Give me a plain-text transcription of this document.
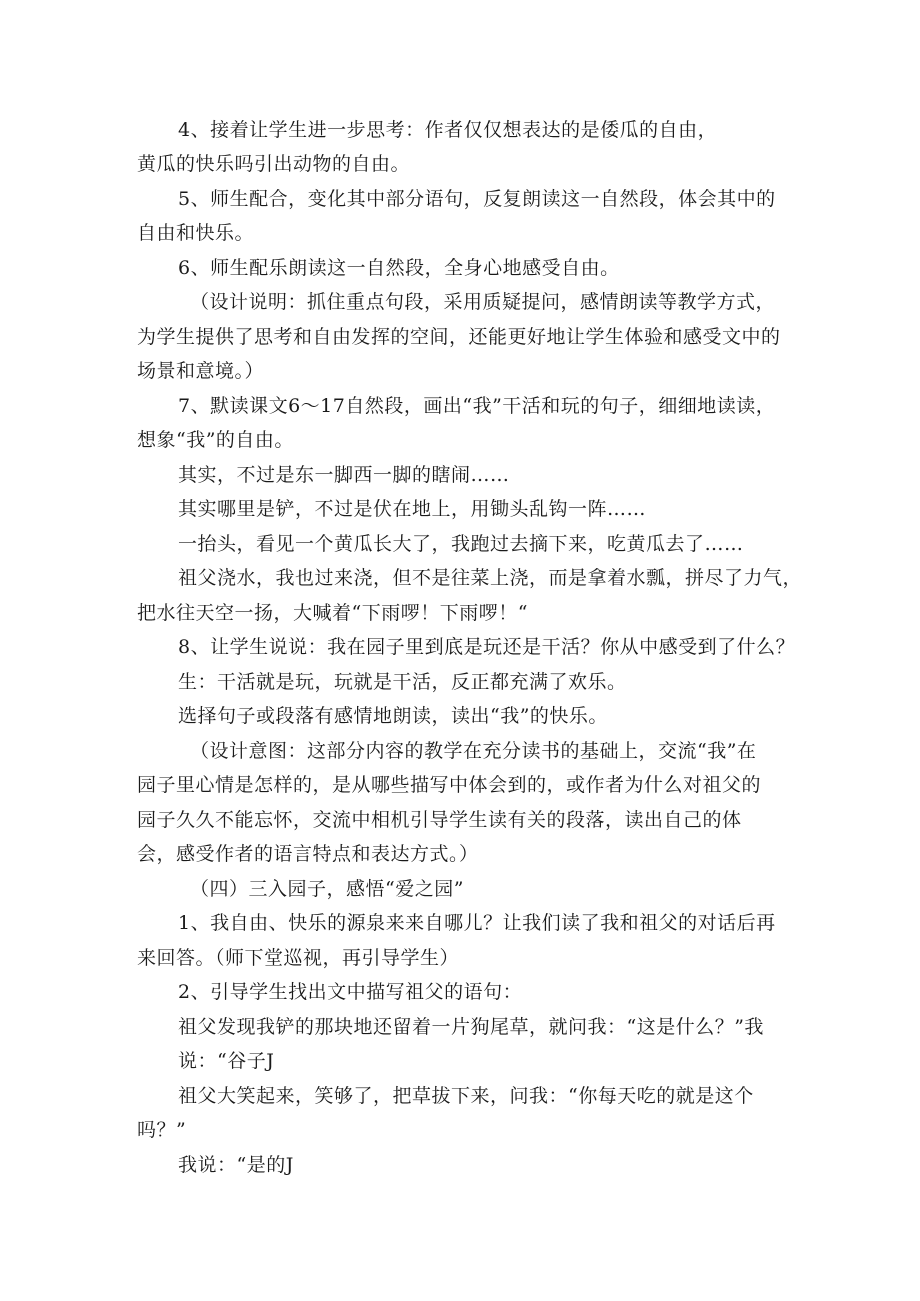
4、接着让学生进一步思考：作者仅仅想表达的是倭瓜的自由，
黄瓜的快乐吗引出动物的自由。
5、师生配合，变化其中部分语句，反复朗读这一自然段，体会其中的
自由和快乐。
6、师生配乐朗读这一自然段，全身心地感受自由。
（设计说明：抓住重点句段，采用质疑提问，感情朗读等教学方式，
为学生提供了思考和自由发挥的空间，还能更好地让学生体验和感受文中的
场景和意境。）
7、默读课文6～17自然段，画出“我”干活和玩的句子，细细地读读，
想象“我”的自由。
其实，不过是东一脚西一脚的瞎闹……
其实哪里是铲，不过是伏在地上，用锄头乱钩一阵……
一抬头，看见一个黄瓜长大了，我跑过去摘下来，吃黄瓜去了……
祖父浇水，我也过来浇，但不是往菜上浇，而是拿着水瓢，拼尽了力气，
把水往天空一扬，大喊着“下雨啰！下雨啰！“
8、让学生说说：我在园子里到底是玩还是干活？你从中感受到了什么？
生：干活就是玩，玩就是干活，反正都充满了欢乐。
选择句子或段落有感情地朗读，读出“我”的快乐。
（设计意图：这部分内容的教学在充分读书的基础上，交流“我”在
园子里心情是怎样的，是从哪些描写中体会到的，或作者为什么对祖父的
园子久久不能忘怀，交流中相机引导学生读有关的段落，读出自己的体
会，感受作者的语言特点和表达方式。）
（四）三入园子，感悟“爱之园”
1、我自由、快乐的源泉来来自哪儿？让我们读了我和祖父的对话后再
来回答。（师下堂巡视，再引导学生）
2、引导学生找出文中描写祖父的语句：
祖父发现我铲的那块地还留着一片狗尾草，就问我：“这是什么？”我
说：“谷子J
祖父大笑起来，笑够了，把草拔下来，问我：“你每天吃的就是这个
吗？”
我说：“是的J
